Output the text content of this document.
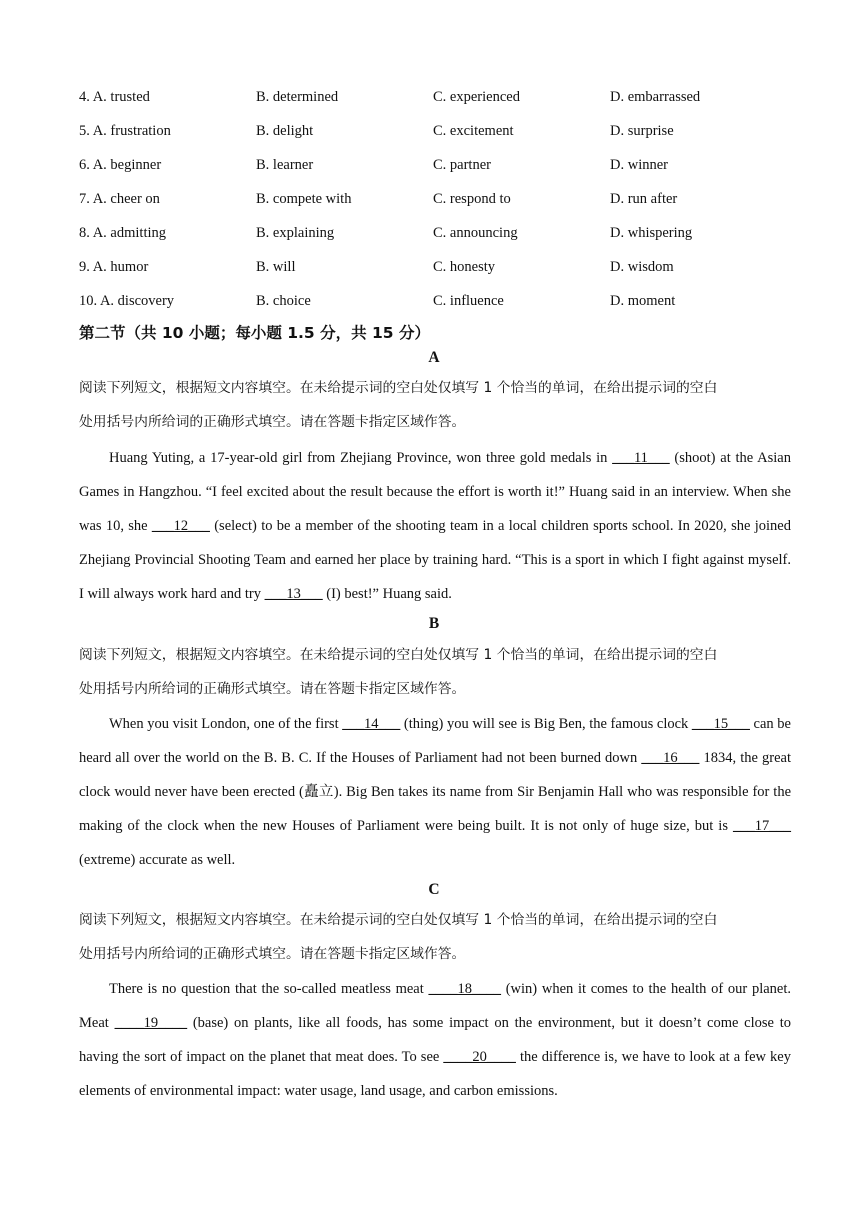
4. A. trusted	B. determined	C. experienced	D. embarrassed
5. A. frustration	B. delight	C. excitement	D. surprise
6. A. beginner	B. learner	C. partner	D. winner
7. A. cheer on	B. compete with	C. respond to	D. run after
8. A. admitting	B. explaining	C. announcing	D. whispering
9. A. humor	B. will	C. honesty	D. wisdom
10. A. discovery	B. choice	C. influence	D. moment
第二节（共 10 小题；每小题 1.5 分，共 15 分）
A
阅读下列短文，根据短文内容填空。在未给提示词的空白处仅填写 1 个恰当的单词，在给出提示词的空白
处用括号内所给词的正确形式填空。请在答题卡指定区域作答。
Huang Yuting, a 17-year-old girl from Zhejiang Province, won three gold medals in ___11___ (shoot) at the Asian Games in Hangzhou. “I feel excited about the result because the effort is worth it!” Huang said in an interview. When she was 10, she ___12___ (select) to be a member of the shooting team in a local children sports school. In 2020, she joined Zhejiang Provincial Shooting Team and earned her place by training hard. “This is a sport in which I fight against myself. I will always work hard and try ___13___ (I) best!” Huang said.
B
阅读下列短文，根据短文内容填空。在未给提示词的空白处仅填写 1 个恰当的单词，在给出提示词的空白
处用括号内所给词的正确形式填空。请在答题卡指定区域作答。
When you visit London, one of the first ___14___ (thing) you will see is Big Ben, the famous clock ___15___ can be heard all over the world on the B. B. C. If the Houses of Parliament had not been burned down ___16___ 1834, the great clock would never have been erected (矗立). Big Ben takes its name from Sir Benjamin Hall who was responsible for the making of the clock when the new Houses of Parliament were being built. It is not only of huge size, but is ___17___ (extreme) accurate as well.
C
阅读下列短文，根据短文内容填空。在未给提示词的空白处仅填写 1 个恰当的单词，在给出提示词的空白
处用括号内所给词的正确形式填空。请在答题卡指定区域作答。
There is no question that the so-called meatless meat ____18____ (win) when it comes to the health of our planet. Meat ____19____ (base) on plants, like all foods, has some impact on the environment, but it doesn’t come close to having the sort of impact on the planet that meat does. To see ____20____ the difference is, we have to look at a few key elements of environmental impact: water usage, land usage, and carbon emissions.
